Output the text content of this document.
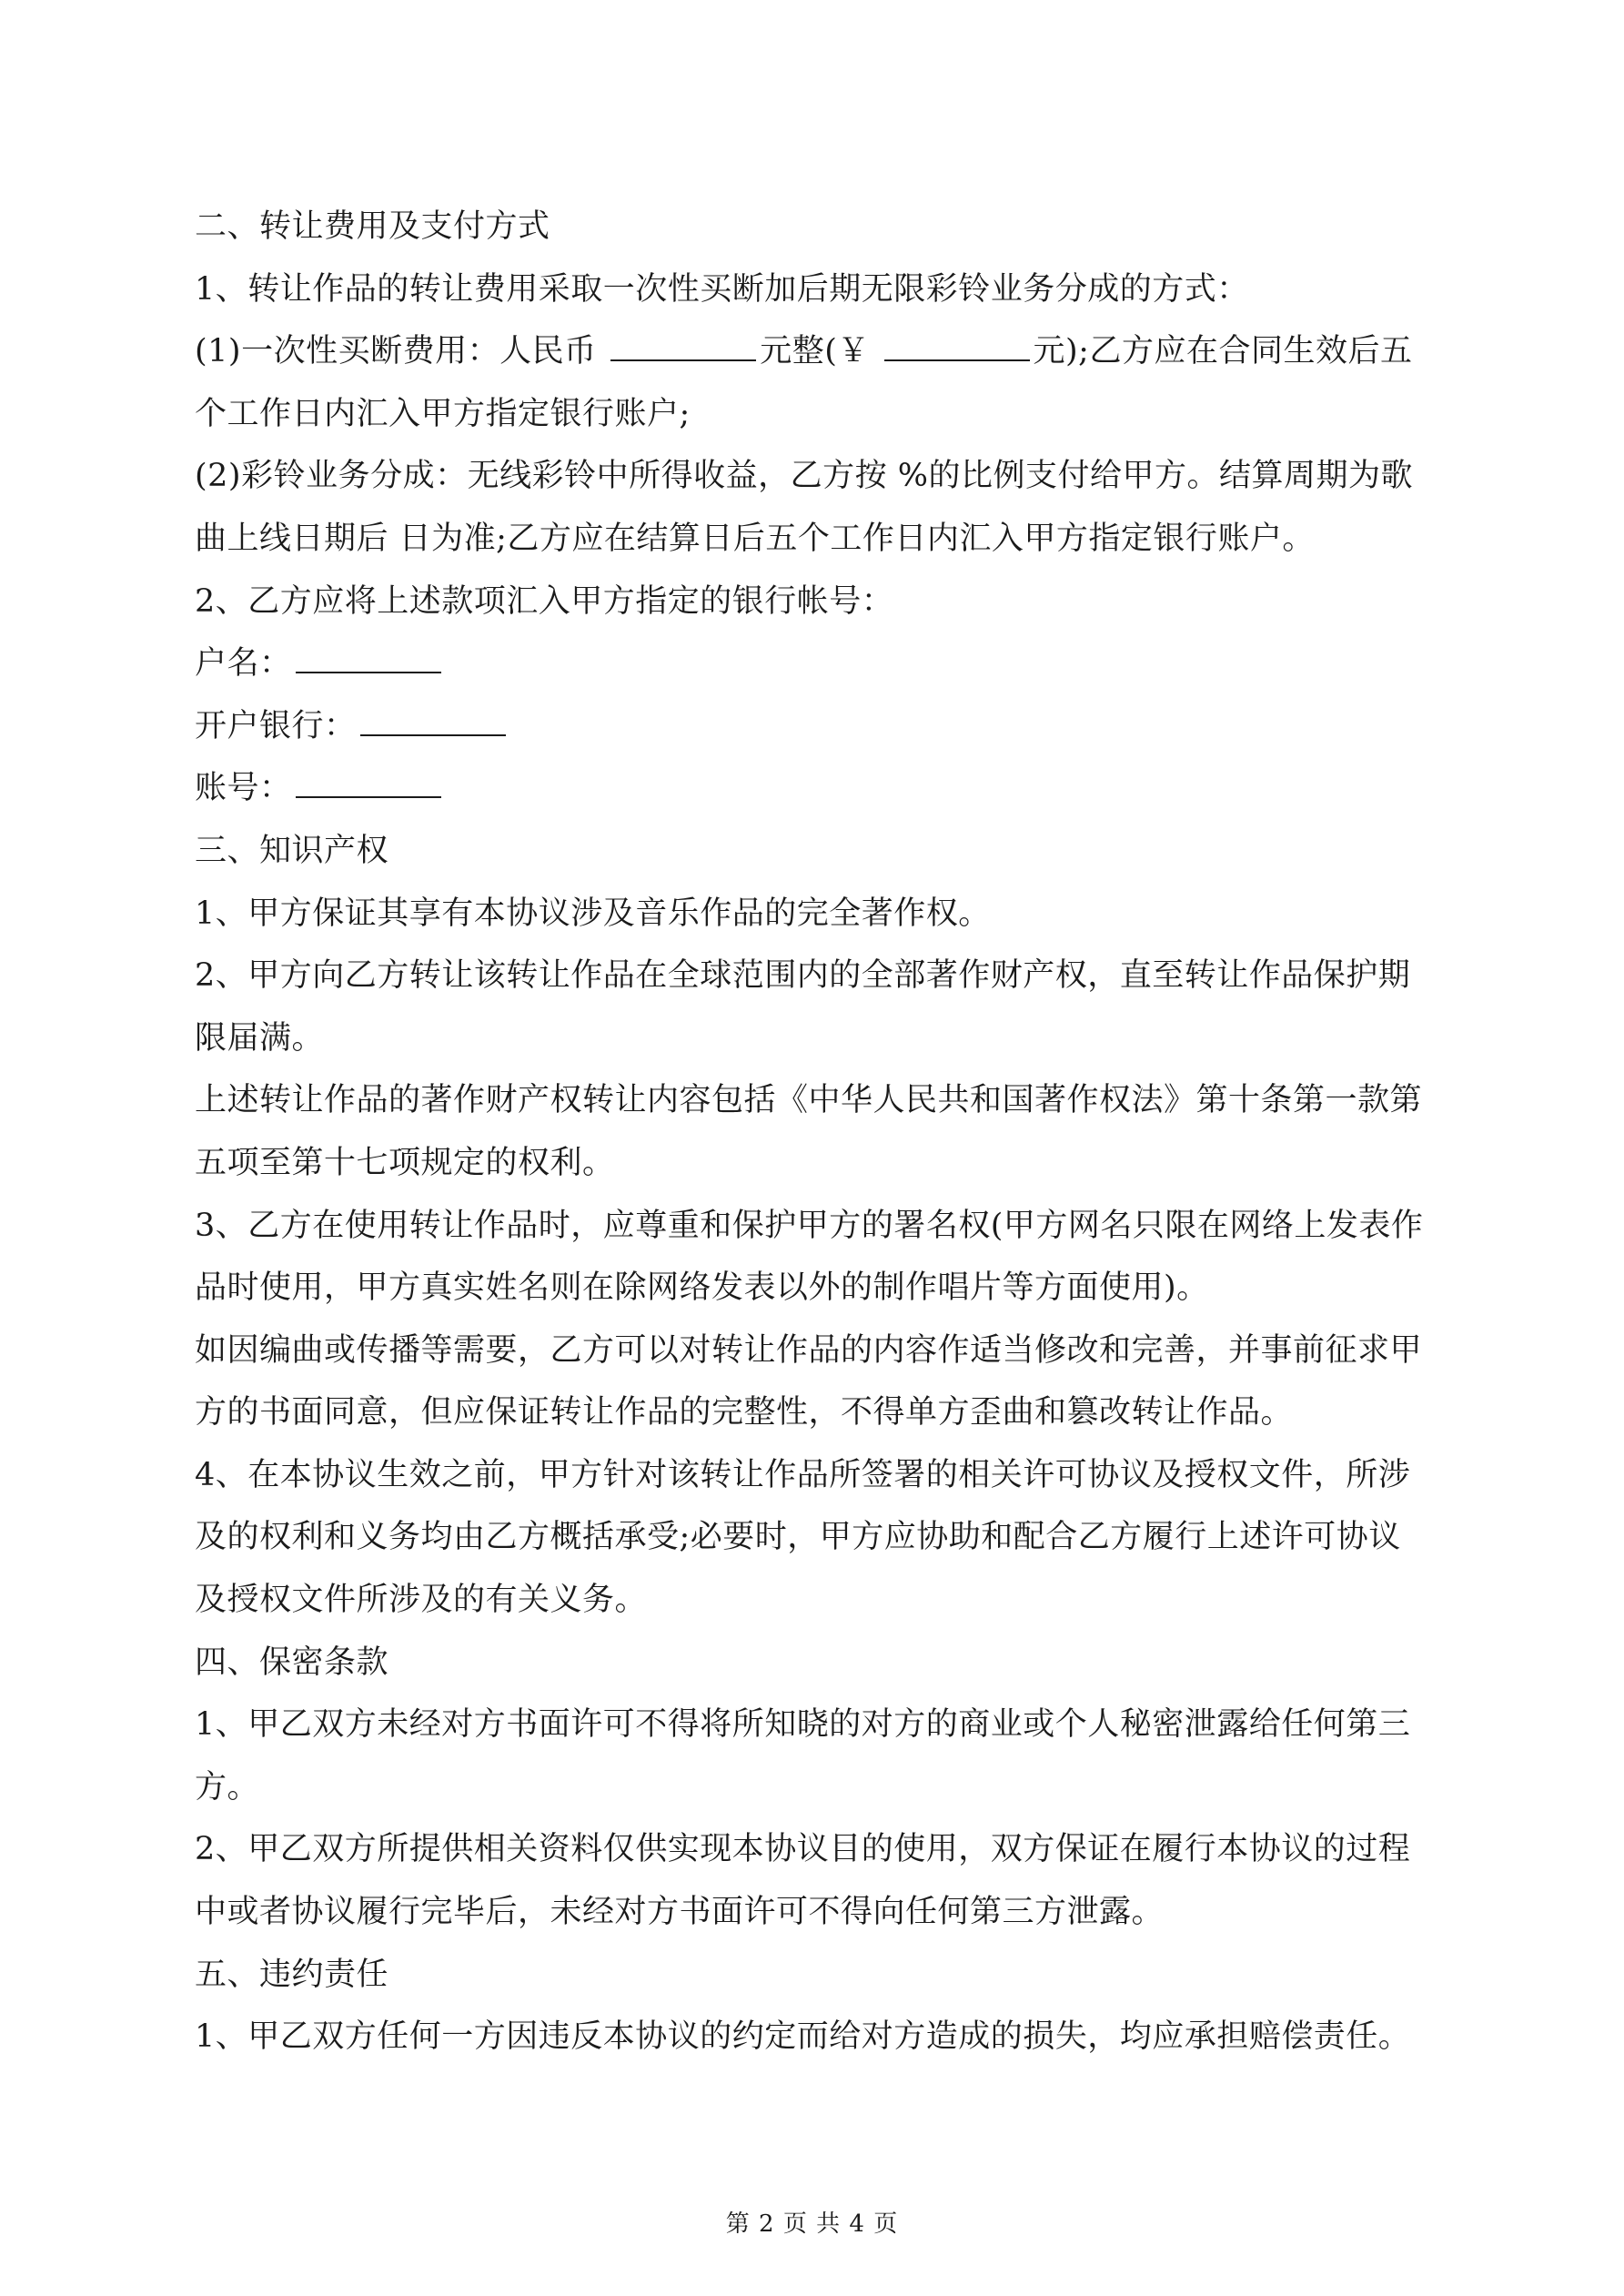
二、转让费用及支付方式
1、转让作品的转让费用采取一次性买断加后期无限彩铃业务分成的方式：
(1)一次性买断费用：人民币	元整(￥	元);乙方应在合同生效后五
个工作日内汇入甲方指定银行账户;
(2)彩铃业务分成：无线彩铃中所得收益，乙方按 %的比例支付给甲方。结算周期为歌
曲上线日期后 日为准;乙方应在结算日后五个工作日内汇入甲方指定银行账户。
2、乙方应将上述款项汇入甲方指定的银行帐号：
户名：
开户银行：
账号：
三、知识产权
1、甲方保证其享有本协议涉及音乐作品的完全著作权。
2、甲方向乙方转让该转让作品在全球范围内的全部著作财产权，直至转让作品保护期
限届满。
上述转让作品的著作财产权转让内容包括《中华人民共和国著作权法》第十条第一款第
五项至第十七项规定的权利。
3、乙方在使用转让作品时，应尊重和保护甲方的署名权(甲方网名只限在网络上发表作
品时使用，甲方真实姓名则在除网络发表以外的制作唱片等方面使用)。
如因编曲或传播等需要，乙方可以对转让作品的内容作适当修改和完善，并事前征求甲
方的书面同意，但应保证转让作品的完整性，不得单方歪曲和篡改转让作品。
4、在本协议生效之前，甲方针对该转让作品所签署的相关许可协议及授权文件，所涉
及的权利和义务均由乙方概括承受;必要时，甲方应协助和配合乙方履行上述许可协议
及授权文件所涉及的有关义务。
四、保密条款
1、甲乙双方未经对方书面许可不得将所知晓的对方的商业或个人秘密泄露给任何第三
方。
2、甲乙双方所提供相关资料仅供实现本协议目的使用，双方保证在履行本协议的过程
中或者协议履行完毕后，未经对方书面许可不得向任何第三方泄露。
五、违约责任
1、甲乙双方任何一方因违反本协议的约定而给对方造成的损失，均应承担赔偿责任。
第 2 页 共 4 页
